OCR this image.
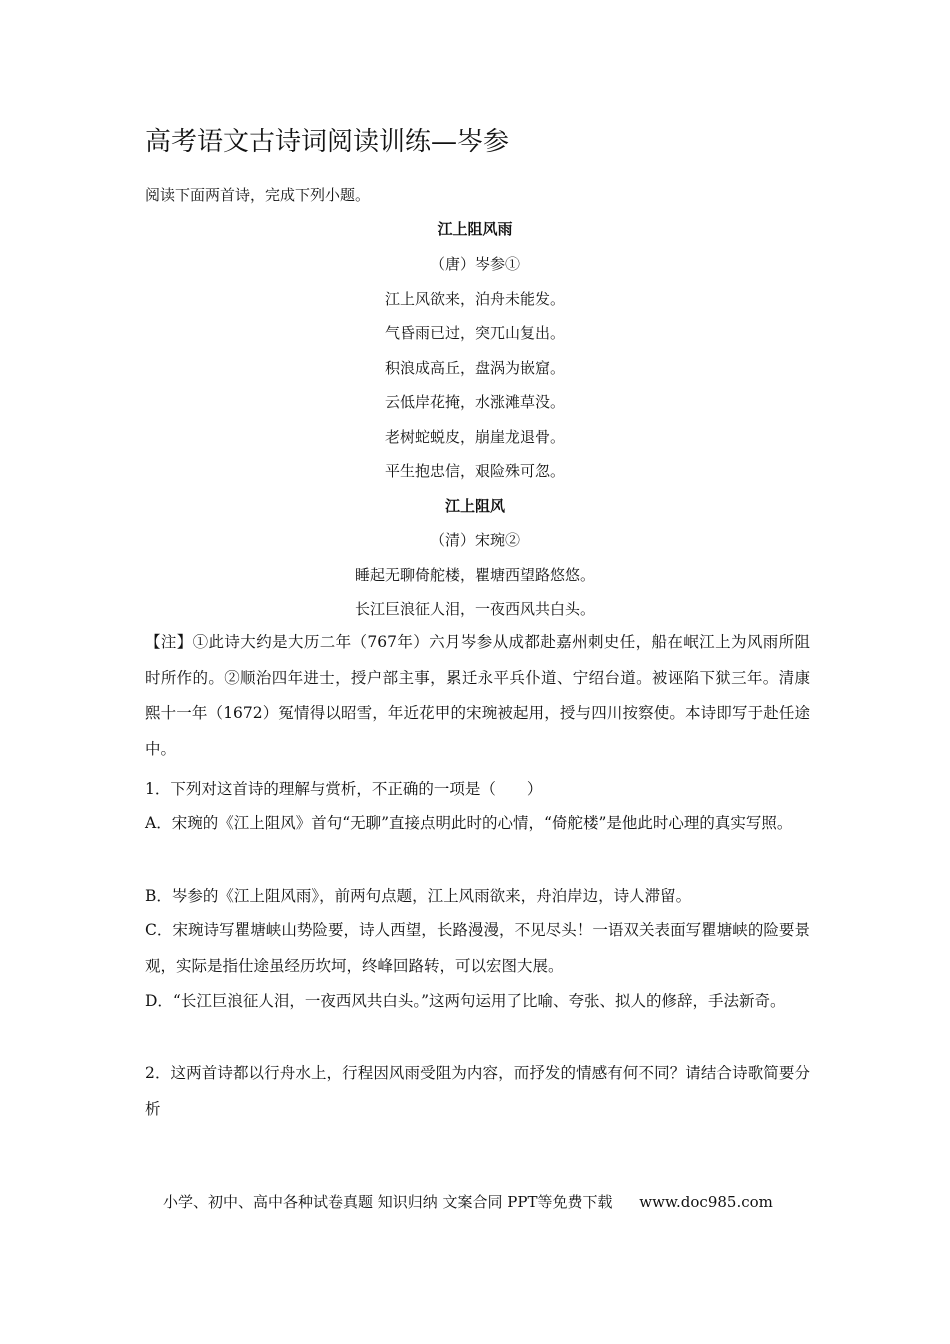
高考语文古诗词阅读训练—岑参
阅读下面两首诗，完成下列小题。
江上阻风雨
（唐）岑参①
江上风欲来，泊舟未能发。
气昏雨已过，突兀山复出。
积浪成高丘，盘涡为嵌窟。
云低岸花掩，水涨滩草没。
老树蛇蜕皮，崩崖龙退骨。
平生抱忠信，艰险殊可忽。
江上阻风
（清）宋琬②
睡起无聊倚舵楼，瞿塘西望路悠悠。
长江巨浪征人泪，一夜西风共白头。
【注】①此诗大约是大历二年（767年）六月岑参从成都赴嘉州刺史任，船在岷江上为风雨所阻时所作的。②顺治四年进士，授户部主事，累迁永平兵仆道、宁绍台道。被诬陷下狱三年。清康熙十一年（1672）冤情得以昭雪，年近花甲的宋琬被起用，授与四川按察使。本诗即写于赴任途中。
1．下列对这首诗的理解与赏析，不正确的一项是（　　）
A．宋琬的《江上阻风》首句“无聊”直接点明此时的心情，“倚舵楼”是他此时心理的真实写照。
B．岑参的《江上阻风雨》，前两句点题，江上风雨欲来，舟泊岸边，诗人滞留。
C．宋琬诗写瞿塘峡山势险要，诗人西望，长路漫漫，不见尽头！一语双关表面写瞿塘峡的险要景观，实际是指仕途虽经历坎坷，终峰回路转，可以宏图大展。
D．“长江巨浪征人泪，一夜西风共白头。”这两句运用了比喻、夸张、拟人的修辞，手法新奇。
2．这两首诗都以行舟水上，行程因风雨受阻为内容，而抒发的情感有何不同？请结合诗歌简要分析
小学、初中、高中各种试卷真题 知识归纳 文案合同 PPT等免费下载 www.doc985.com
